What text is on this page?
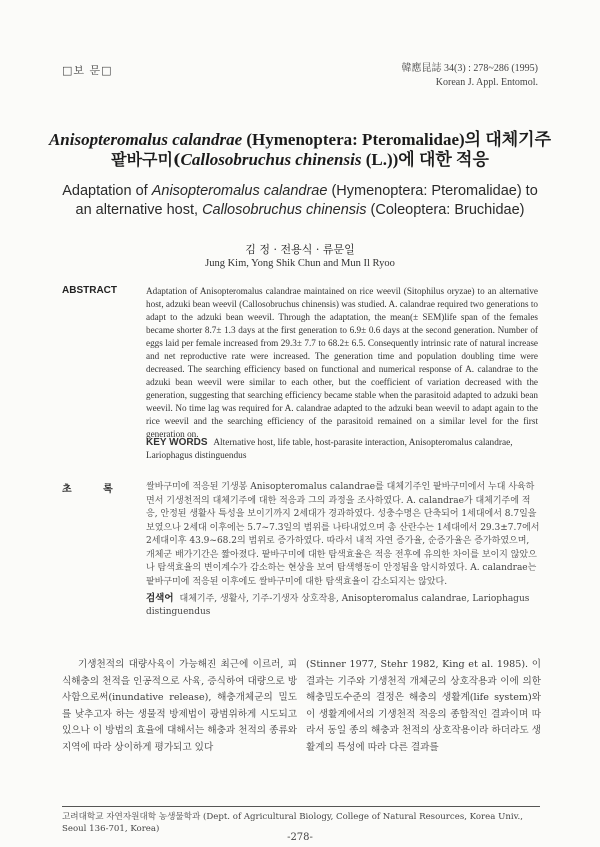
□보 문□	韓應昆誌 34(3) : 278~286 (1995)
Korean J. Appl. Entomol.
Anisopteromalus calandrae (Hymenoptera: Pteromalidae)의 대체기주
팥바구미(Callosobruchus chinensis (L.))에 대한 적응
Adaptation of Anisopteromalus calandrae (Hymenoptera: Pteromalidae) to
an alternative host, Callosobruchus chinensis (Coleoptera: Bruchidae)
김 정 · 전용식 · 류문일
Jung Kim, Yong Shik Chun and Mun Il Ryoo
ABSTRACT	Adaptation of Anisopteromalus calandrae maintained on rice weevil (Sitophilus oryzae) to an alternative host, adzuki bean weevil (Callosobruchus chinensis) was studied. A. calandrae required two generations to adapt to the adzuki bean weevil. Through the adaptation, the mean(± SEM)life span of the females became shorter 8.7± 1.3 days at the first generation to 6.9± 0.6 days at the second generation. Number of eggs laid per female increased from 29.3± 7.7 to 68.2± 6.5. Consequently intrinsic rate of natural increase and net reproductive rate were increased. The generation time and population doubling time were decreased. The searching efficiency based on functional and numerical response of A. calandrae to the adzuki bean weevil were similar to each other, but the coefficient of variation decreased with the generation, suggesting that searching efficiency became stable when the parasitoid adapted to adzuki bean weevil. No time lag was required for A. calandrae adapted to the adzuki bean weevil to adapt again to the rice weevil and the searching efficiency of the parasitoid remained on a similar level for the first generation on.
KEY WORDS Alternative host, life table, host-parasite interaction, Anisopteromalus calandrae, Lariophagus distinguendus
초 록 쌀바구미에 적응된 기생봉 Anisopteromalus calandrae를 대체기주인 팥바구미에서 누대 사육하면서 기생천적의 대체기주에 대한 적응과 그의 과정을 조사하였다. A. calandrae가 대체기주에 적응, 안정된 생활사 특성을 보이기까지 2세대가 경과하였다. 성충수명은 단축되어 1세대에서 8.7일을 보였으나 2세대 이후에는 5.7~7.3일의 범위를 나타내었으며 총 산란수는 1세대에서 29.3±7.7에서 2세대이후 43.9~68.2의 범위로 증가하였다. 따라서 내적 자연 증가율, 순증가율은 증가하였으며, 개체군 배가기간은 짧아졌다. 팥바구미에 대한 탐색효율은 적응 전후에 유의한 차이를 보이지 않았으나 탐색효율의 변이계수가 감소하는 현상을 보여 탐색행동이 안정됨을 암시하였다. A. calandrae는 팥바구미에 적응된 이후에도 쌀바구미에 대한 탐색효율이 감소되지는 않았다.
검색어 대체기주, 생활사, 기주-기생자 상호작용, Anisopteromalus calandrae, Lariophagus distinguendus
기생천적의 대량사육이 가능해진 최근에 이르러, 피식해충의 천적을 인공적으로 사육, 증식하여 대량으로 방사함으로써(inundative release), 해충개체군의 밀도를 낮추고자 하는 생물적 방제법이 광범위하게 시도되고 있으나 이 방법의 효율에 대해서는 해충과 천적의 종류와 지역에 따라 상이하게 평가되고 있다
(Stinner 1977, Stehr 1982, King et al. 1985). 이 결과는 기주와 기생천적 개체군의 상호작용과 이에 의한 해충밀도수준의 결정은 해충의 생활계(life system)와 이 생활계에서의 기생천적 적응의 종합적인 결과이며 따라서 동일 종의 해충과 천적의 상호작용이라 하더라도 생활계의 특성에 따라 다른 결과를
고려대학교 자연자원대학 농생물학과 (Dept. of Agricultural Biology, College of Natural Resources, Korea Univ., Seoul 136-701, Korea)
-278-
